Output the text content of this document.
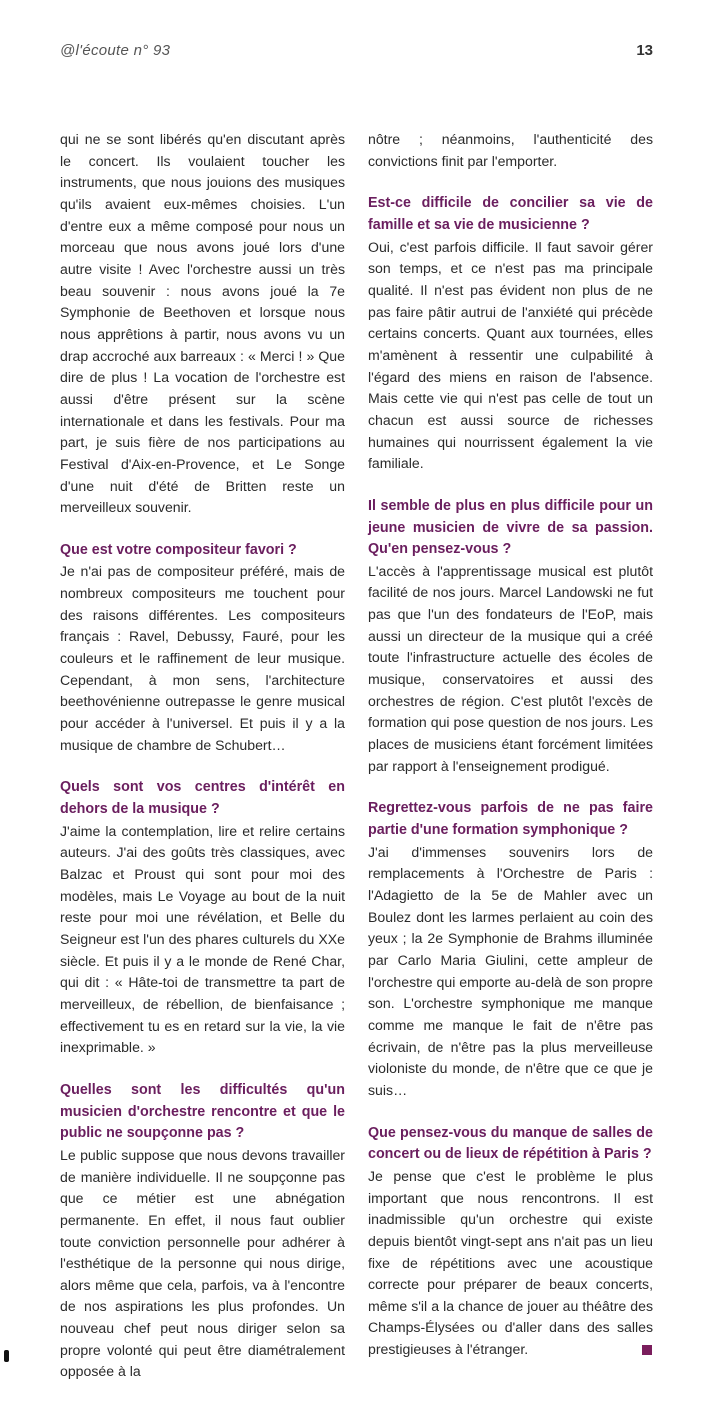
@l'écoute n° 93	13

qui ne se sont libérés qu'en discutant après le concert. Ils voulaient toucher les instruments, que nous jouions des musiques qu'ils avaient eux-mêmes choisies. L'un d'entre eux a même composé pour nous un morceau que nous avons joué lors d'une autre visite ! Avec l'orchestre aussi un très beau souvenir : nous avons joué la 7e Symphonie de Beethoven et lorsque nous nous apprêtions à partir, nous avons vu un drap accroché aux barreaux : « Merci ! » Que dire de plus ! La vocation de l'orchestre est aussi d'être présent sur la scène internationale et dans les festivals. Pour ma part, je suis fière de nos participations au Festival d'Aix-en-Provence, et Le Songe d'une nuit d'été de Britten reste un merveilleux souvenir.

Que est votre compositeur favori ?

Je n'ai pas de compositeur préféré, mais de nombreux compositeurs me touchent pour des raisons différentes. Les compositeurs français : Ravel, Debussy, Fauré, pour les couleurs et le raffinement de leur musique. Cependant, à mon sens, l'architecture beethovénienne outrepasse le genre musical pour accéder à l'universel. Et puis il y a la musique de chambre de Schubert…

Quels sont vos centres d'intérêt en dehors de la musique ?

J'aime la contemplation, lire et relire certains auteurs. J'ai des goûts très classiques, avec Balzac et Proust qui sont pour moi des modèles, mais Le Voyage au bout de la nuit reste pour moi une révélation, et Belle du Seigneur est l'un des phares culturels du XXe siècle. Et puis il y a le monde de René Char, qui dit : « Hâte-toi de transmettre ta part de merveilleux, de rébellion, de bienfaisance ; effectivement tu es en retard sur la vie, la vie inexprimable. »

Quelles sont les difficultés qu'un musicien d'orchestre rencontre et que le public ne soupçonne pas ?

Le public suppose que nous devons travailler de manière individuelle. Il ne soupçonne pas que ce métier est une abnégation permanente. En effet, il nous faut oublier toute conviction personnelle pour adhérer à l'esthétique de la personne qui nous dirige, alors même que cela, parfois, va à l'encontre de nos aspirations les plus profondes. Un nouveau chef peut nous diriger selon sa propre volonté qui peut être diamétralement opposée à la

nôtre ; néanmoins, l'authenticité des convictions finit par l'emporter.

Est-ce difficile de concilier sa vie de famille et sa vie de musicienne ?

Oui, c'est parfois difficile. Il faut savoir gérer son temps, et ce n'est pas ma principale qualité. Il n'est pas évident non plus de ne pas faire pâtir autrui de l'anxiété qui précède certains concerts. Quant aux tournées, elles m'amènent à ressentir une culpabilité à l'égard des miens en raison de l'absence. Mais cette vie qui n'est pas celle de tout un chacun est aussi source de richesses humaines qui nourrissent également la vie familiale.

Il semble de plus en plus difficile pour un jeune musicien de vivre de sa passion. Qu'en pensez-vous ?

L'accès à l'apprentissage musical est plutôt facilité de nos jours. Marcel Landowski ne fut pas que l'un des fondateurs de l'EoP, mais aussi un directeur de la musique qui a créé toute l'infrastructure actuelle des écoles de musique, conservatoires et aussi des orchestres de région. C'est plutôt l'excès de formation qui pose question de nos jours. Les places de musiciens étant forcément limitées par rapport à l'enseignement prodigué.

Regrettez-vous parfois de ne pas faire partie d'une formation symphonique ?

J'ai d'immenses souvenirs lors de remplacements à l'Orchestre de Paris : l'Adagietto de la 5e de Mahler avec un Boulez dont les larmes perlaient au coin des yeux ; la 2e Symphonie de Brahms illuminée par Carlo Maria Giulini, cette ampleur de l'orchestre qui emporte au-delà de son propre son. L'orchestre symphonique me manque comme me manque le fait de n'être pas écrivain, de n'être pas la plus merveilleuse violoniste du monde, de n'être que ce que je suis…

Que pensez-vous du manque de salles de concert ou de lieux de répétition à Paris ?

Je pense que c'est le problème le plus important que nous rencontrons. Il est inadmissible qu'un orchestre qui existe depuis bientôt vingt-sept ans n'ait pas un lieu fixe de répétitions avec une acoustique correcte pour préparer de beaux concerts, même s'il a la chance de jouer au théâtre des Champs-Élysées ou d'aller dans des salles prestigieuses à l'étranger.
